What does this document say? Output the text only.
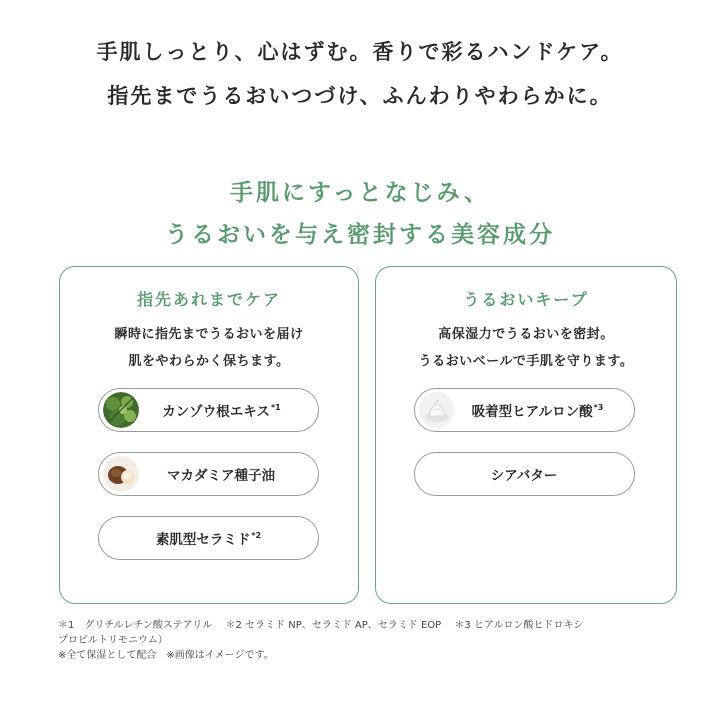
手肌しっとり、心はずむ。香りで彩るハンドケア。
指先までうるおいつづけ、ふんわりやわらかに。
手肌にすっとなじみ、
うるおいを与え密封する美容成分
指先あれまでケア
瞬時に指先までうるおいを届け
肌をやわらかく保ちます。
カンゾウ根エキス$^{*1}$
マカダミア種子油
素肌型セラミド$^{*2}$
うるおいキープ
高保湿力でうるおいを密封。
うるおいベールで手肌を守ります。
吸着型ヒアルロン酸$^{*3}$
シアバター
＊1　グリチルレチン酸ステアリル　 ＊2 セラミド NP、セラミド AP、セラミド EOP　 ＊3 ヒアルロン酸ヒドロキシ
プロピルトリモニウム）
※全て保湿として配合　※画像はイメージです。
